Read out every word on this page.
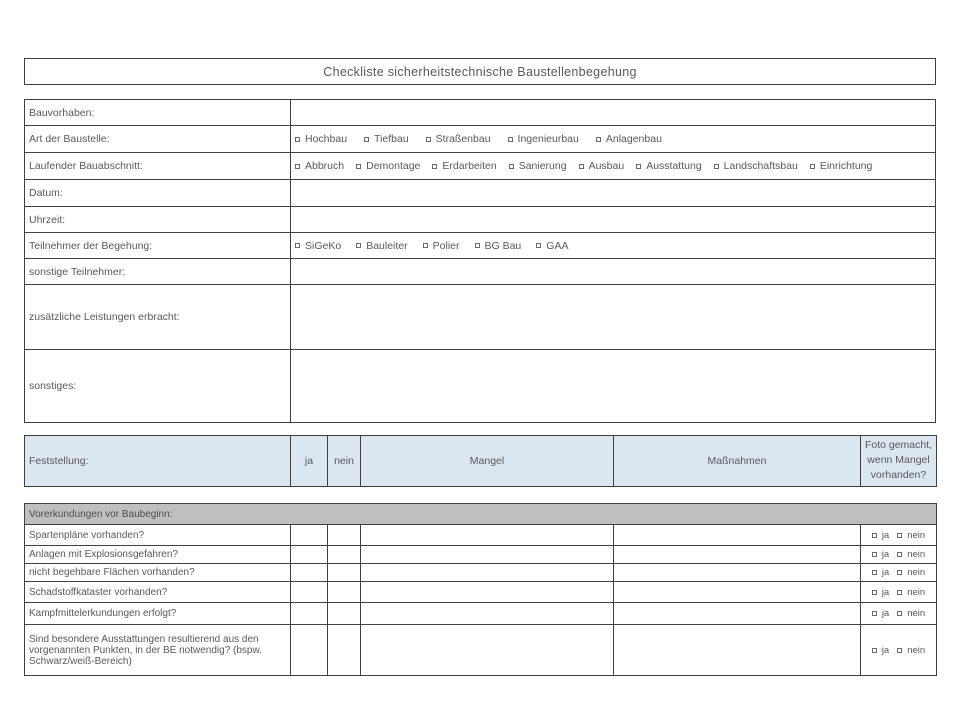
Checkliste sicherheitstechnische Baustellenbegehung
Bauvorhaben:	
Art der Baustelle:	Hochbau Tiefbau Straßenbau Ingenieurbau Anlagenbau

Laufender Bauabschnitt:	Abbruch Demontage Erdarbeiten Sanierung Ausbau Ausstattung Landschaftsbau Einrichtung

Datum:	
Uhrzeit:	
Teilnehmer der Begehung:	SiGeKo Bauleiter Polier BG Bau GAA

sonstige Teilnehmer:	
zusätzliche Leistungen erbracht:	
sonstiges:	
Feststellung:	ja	nein	Mangel	Maßnahmen	Foto gemacht, wenn Mangel vorhanden?
Vorerkundungen vor Baubeginn:					
Spartenpläne vorhanden?					ja nein

Anlagen mit Explosionsgefahren?					ja nein

nicht begehbare Flächen vorhanden?					ja nein

Schadstoffkataster vorhanden?					ja nein

Kampfmittelerkundungen erfolgt?					ja nein

Sind besondere Ausstattungen resultierend aus den vorgenannten Punkten, in der BE notwendig? (bspw. Schwarz/weiß-Bereich)					ja nein
